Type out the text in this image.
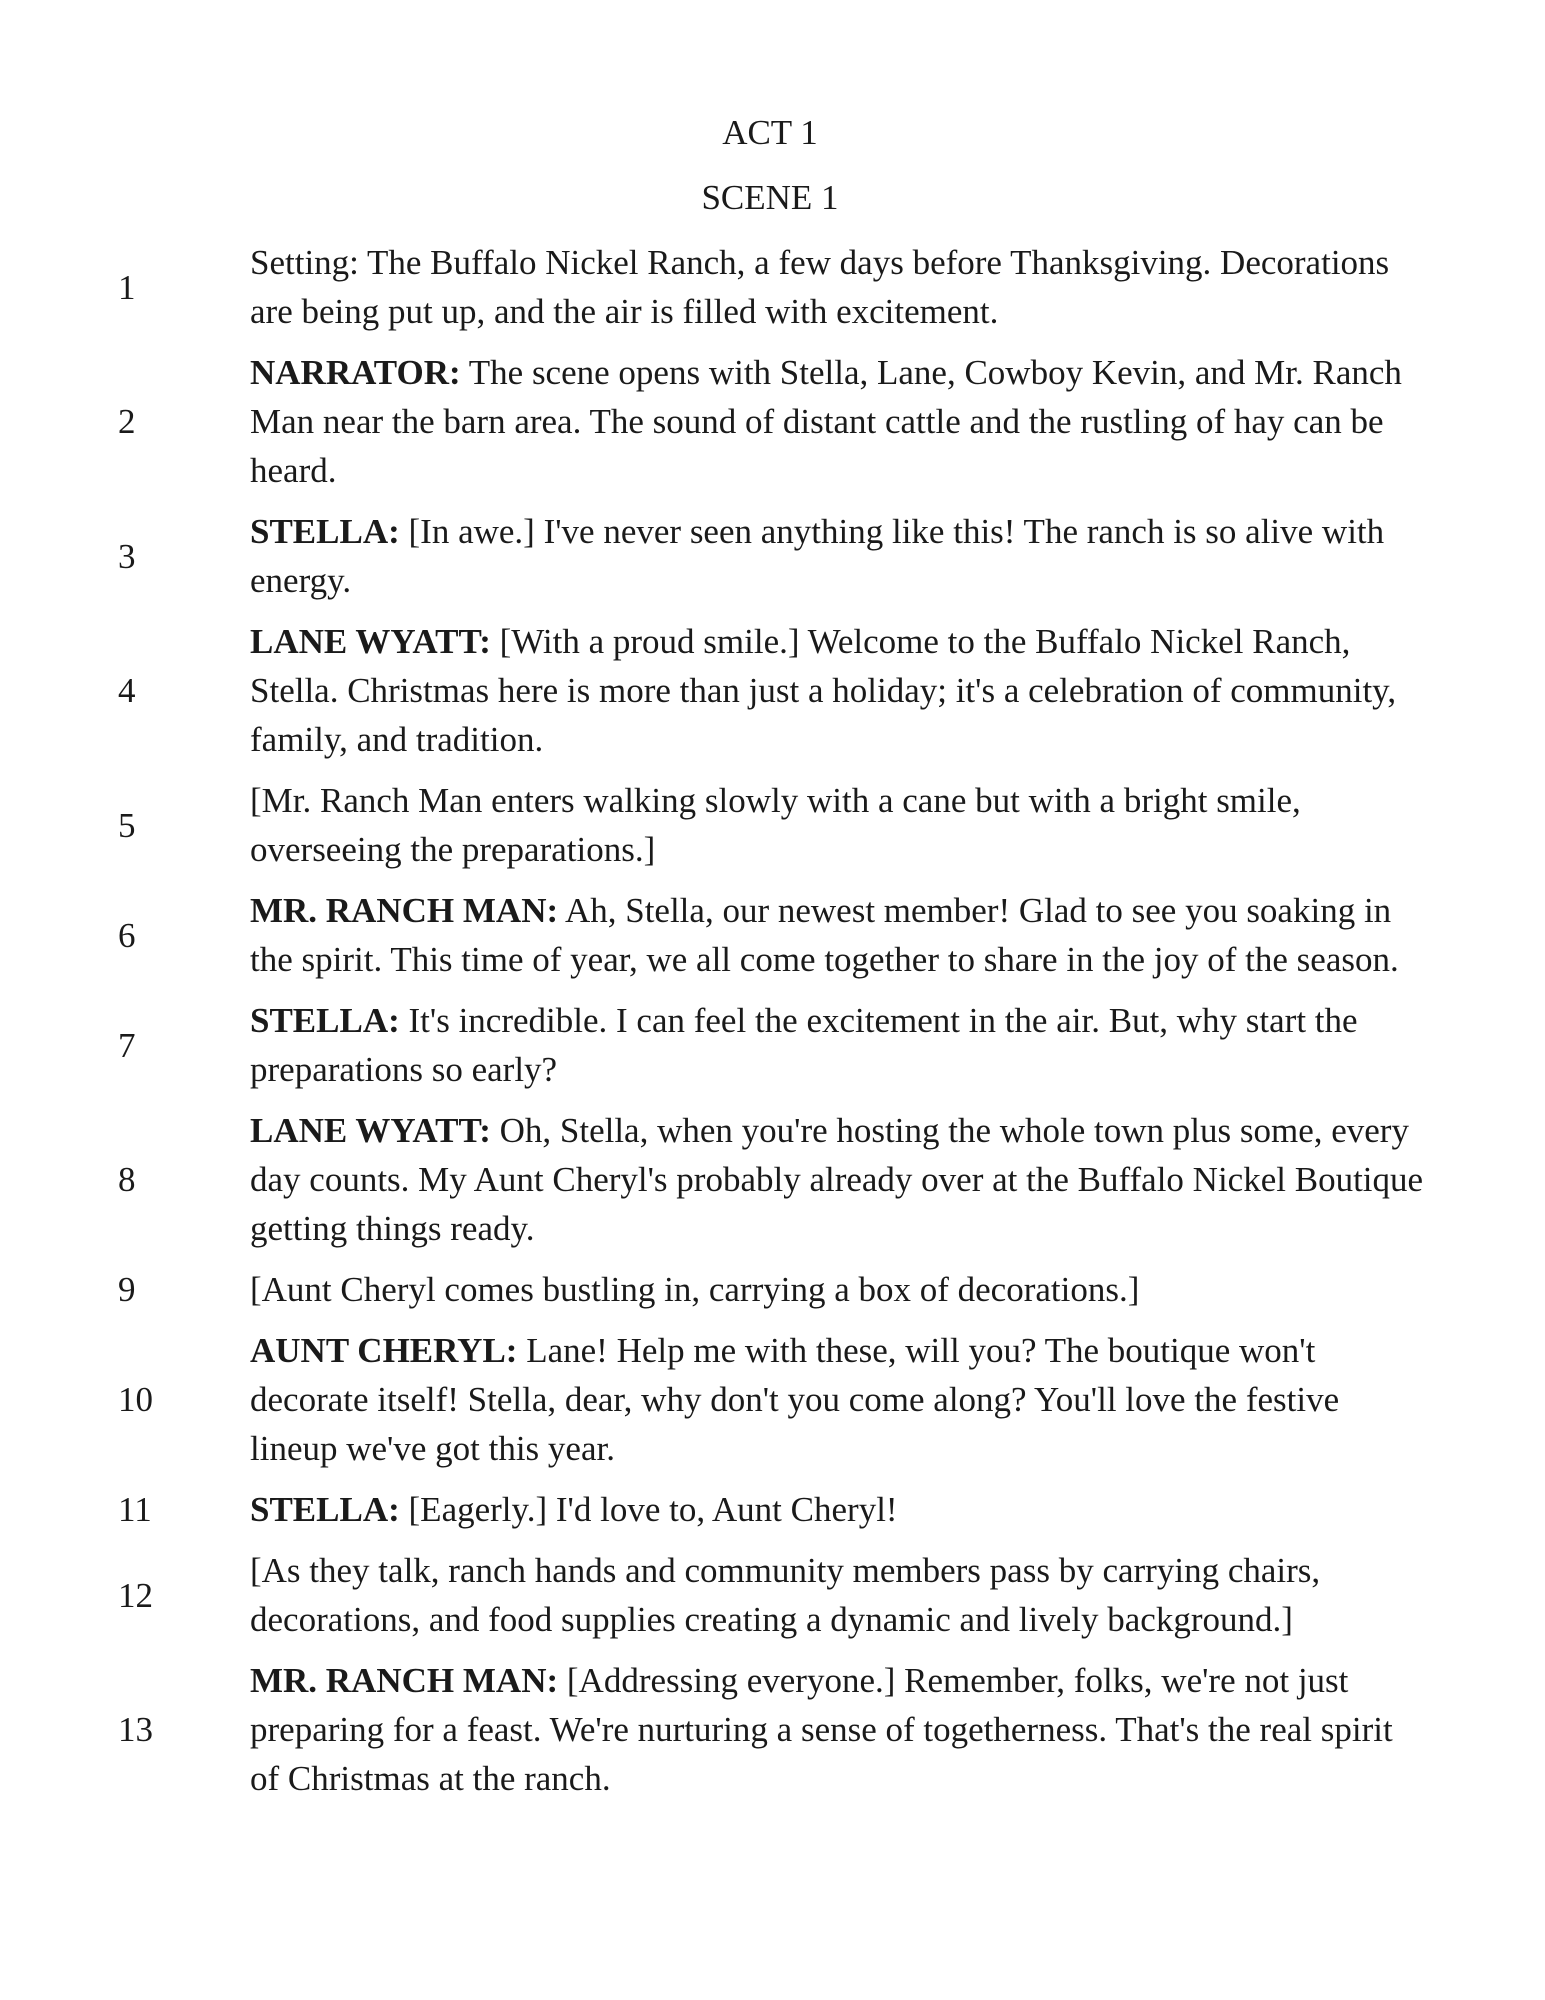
ACT 1
SCENE 1
1
Setting: The Buffalo Nickel Ranch, a few days before Thanksgiving. Decorations are being put up, and the air is filled with excitement.
2
NARRATOR: The scene opens with Stella, Lane, Cowboy Kevin, and Mr. Ranch Man near the barn area. The sound of distant cattle and the rustling of hay can be heard.
3
STELLA: [In awe.] I've never seen anything like this! The ranch is so alive with energy.
4
LANE WYATT: [With a proud smile.] Welcome to the Buffalo Nickel Ranch, Stella. Christmas here is more than just a holiday; it's a celebration of community, family, and tradition.
5
[Mr. Ranch Man enters walking slowly with a cane but with a bright smile, overseeing the preparations.]
6
MR. RANCH MAN: Ah, Stella, our newest member! Glad to see you soaking in the spirit. This time of year, we all come together to share in the joy of the season.
7
STELLA: It's incredible. I can feel the excitement in the air. But, why start the preparations so early?
8
LANE WYATT: Oh, Stella, when you're hosting the whole town plus some, every day counts. My Aunt Cheryl's probably already over at the Buffalo Nickel Boutique getting things ready.
9	[Aunt Cheryl comes bustling in, carrying a box of decorations.]
10
AUNT CHERYL: Lane! Help me with these, will you? The boutique won't decorate itself! Stella, dear, why don't you come along? You'll love the festive lineup we've got this year.
11	STELLA: [Eagerly.] I'd love to, Aunt Cheryl!
12
[As they talk, ranch hands and community members pass by carrying chairs, decorations, and food supplies creating a dynamic and lively background.]
13
MR. RANCH MAN: [Addressing everyone.] Remember, folks, we're not just preparing for a feast. We're nurturing a sense of togetherness. That's the real spirit of Christmas at the ranch.
